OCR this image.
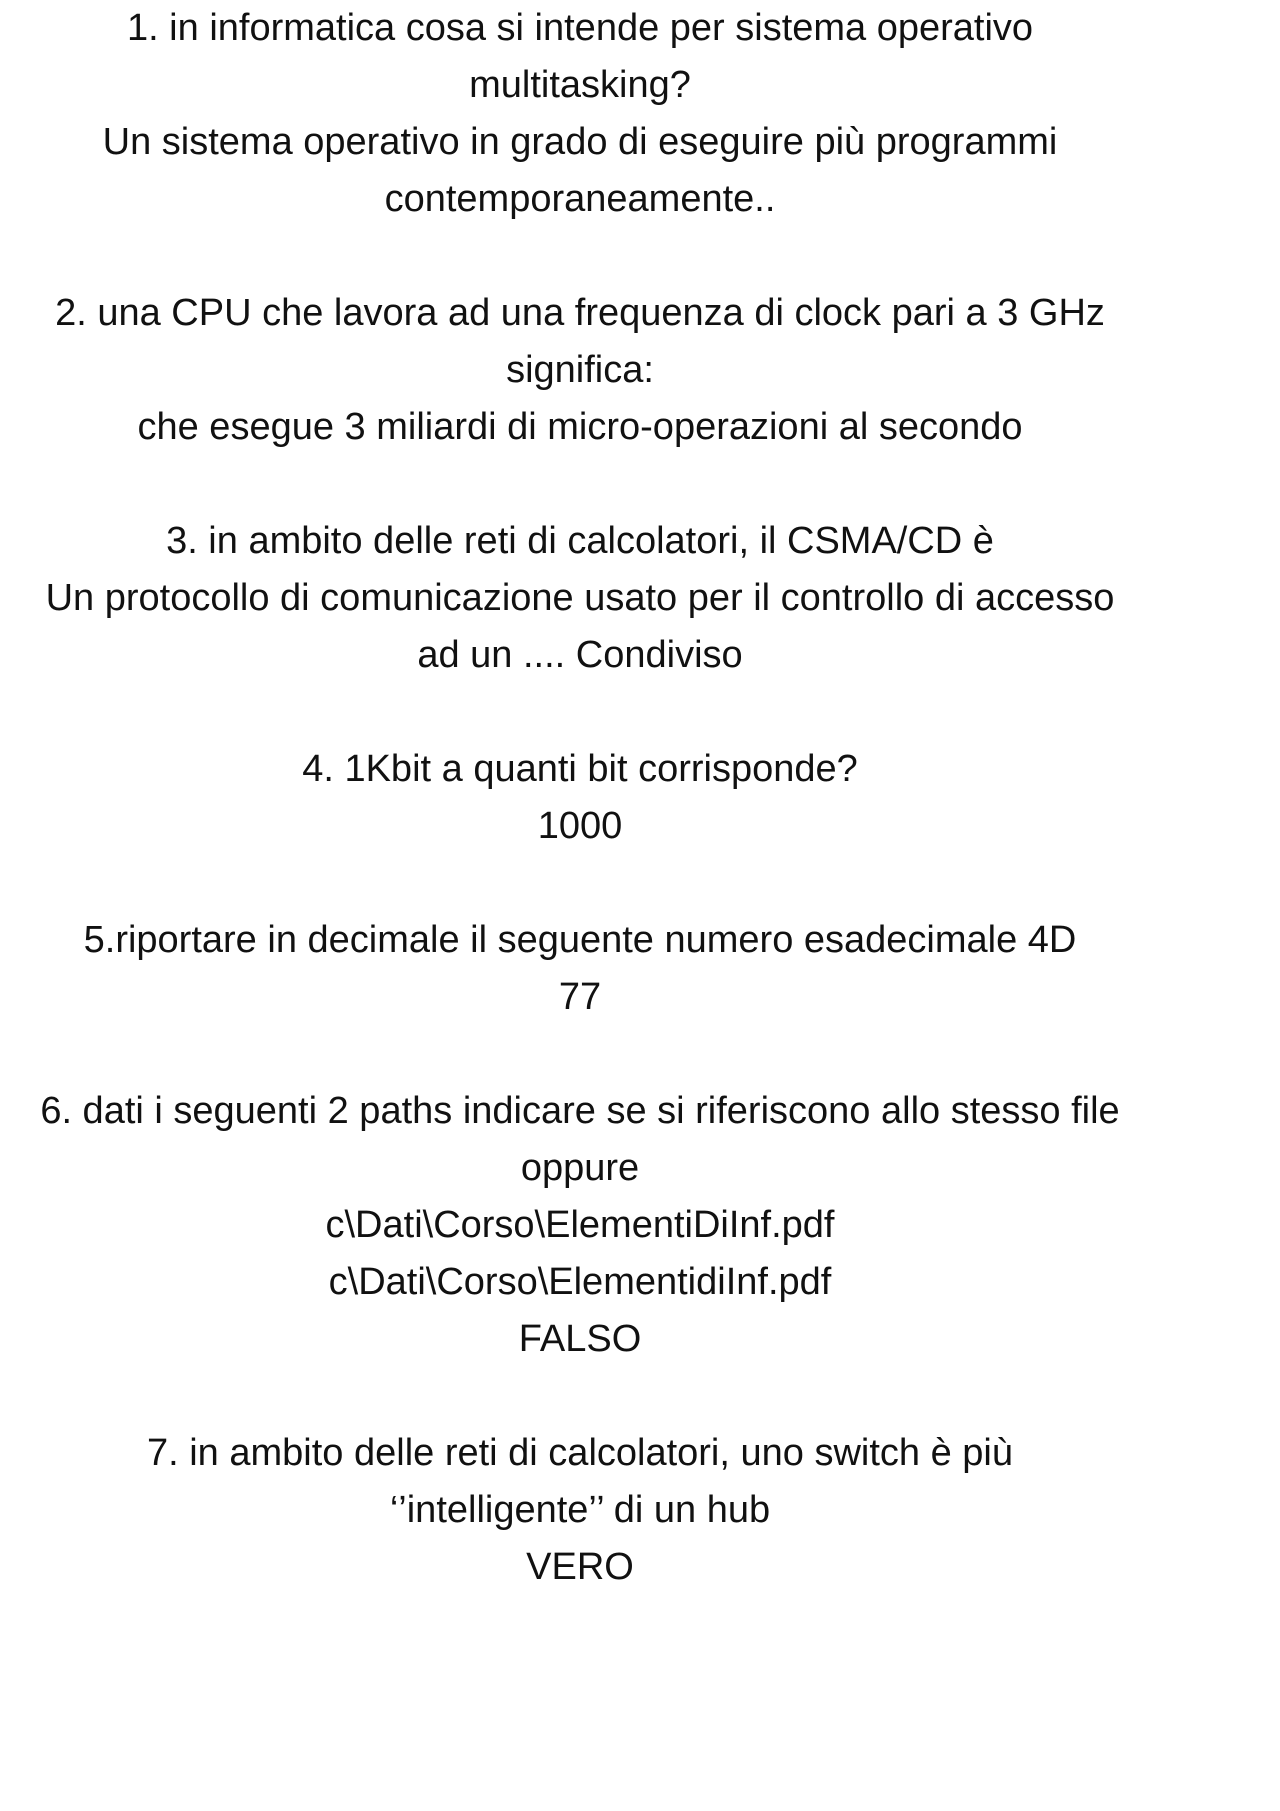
1. in informatica cosa si intende per sistema operativo
multitasking?
Un sistema operativo in grado di eseguire più programmi
contemporaneamente..
2. una CPU che lavora ad una frequenza di clock pari a 3 GHz
significa:
che esegue 3 miliardi di micro-operazioni al secondo
3. in ambito delle reti di calcolatori, il CSMA/CD è
Un protocollo di comunicazione usato per il controllo di accesso
ad un .... Condiviso
4. 1Kbit a quanti bit corrisponde?
1000
5.riportare in decimale il seguente numero esadecimale 4D
77
6. dati i seguenti 2 paths indicare se si riferiscono allo stesso file
oppure
c\Dati\Corso\ElementiDiInf.pdf
c\Dati\Corso\ElementidiInf.pdf
FALSO
7. in ambito delle reti di calcolatori, uno switch è più
‘’intelligente’’ di un hub
VERO
